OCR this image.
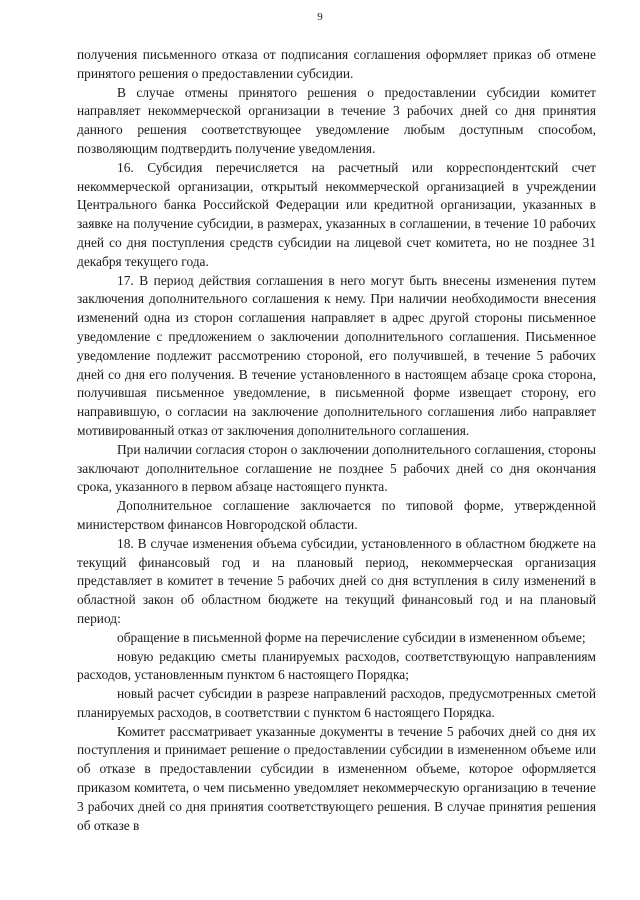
9

получения письменного отказа от подписания соглашения оформляет приказ об отмене принятого решения о предоставлении субсидии.

В случае отмены принятого решения о предоставлении субсидии комитет направляет некоммерческой организации в течение 3 рабочих дней со дня принятия данного решения соответствующее уведомление любым доступным способом, позволяющим подтвердить получение уведомления.

16. Субсидия перечисляется на расчетный или корреспондентский счет некоммерческой организации, открытый некоммерческой организацией в учреждении Центрального банка Российской Федерации или кредитной организации, указанных в заявке на получение субсидии, в размерах, указанных в соглашении, в течение 10 рабочих дней со дня поступления средств субсидии на лицевой счет комитета, но не позднее 31 декабря текущего года.

17. В период действия соглашения в него могут быть внесены изменения путем заключения дополнительного соглашения к нему. При наличии необходимости внесения изменений одна из сторон соглашения направляет в адрес другой стороны письменное уведомление с предложением о заключении дополнительного соглашения. Письменное уведомление подлежит рассмотрению стороной, его получившей, в течение 5 рабочих дней со дня его получения. В течение установленного в настоящем абзаце срока сторона, получившая письменное уведомление, в письменной форме извещает сторону, его направившую, о согласии на заключение дополнительного соглашения либо направляет мотивированный отказ от заключения дополнительного соглашения.

При наличии согласия сторон о заключении дополнительного соглашения, стороны заключают дополнительное соглашение не позднее 5 рабочих дней со дня окончания срока, указанного в первом абзаце настоящего пункта.

Дополнительное соглашение заключается по типовой форме, утвержденной министерством финансов Новгородской области.

18. В случае изменения объема субсидии, установленного в областном бюджете на текущий финансовый год и на плановый период, некоммерческая организация представляет в комитет в течение 5 рабочих дней со дня вступления в силу изменений в областной закон об областном бюджете на текущий финансовый год и на плановый период:

обращение в письменной форме на перечисление субсидии в измененном объеме;

новую редакцию сметы планируемых расходов, соответствующую направлениям расходов, установленным пунктом 6 настоящего Порядка;

новый расчет субсидии в разрезе направлений расходов, предусмотренных сметой планируемых расходов, в соответствии с пунктом 6 настоящего Порядка.

Комитет рассматривает указанные документы в течение 5 рабочих дней со дня их поступления и принимает решение о предоставлении субсидии в измененном объеме или об отказе в предоставлении субсидии в измененном объеме, которое оформляется приказом комитета, о чем письменно уведомляет некоммерческую организацию в течение 3 рабочих дней со дня принятия соответствующего решения. В случае принятия решения об отказе в
